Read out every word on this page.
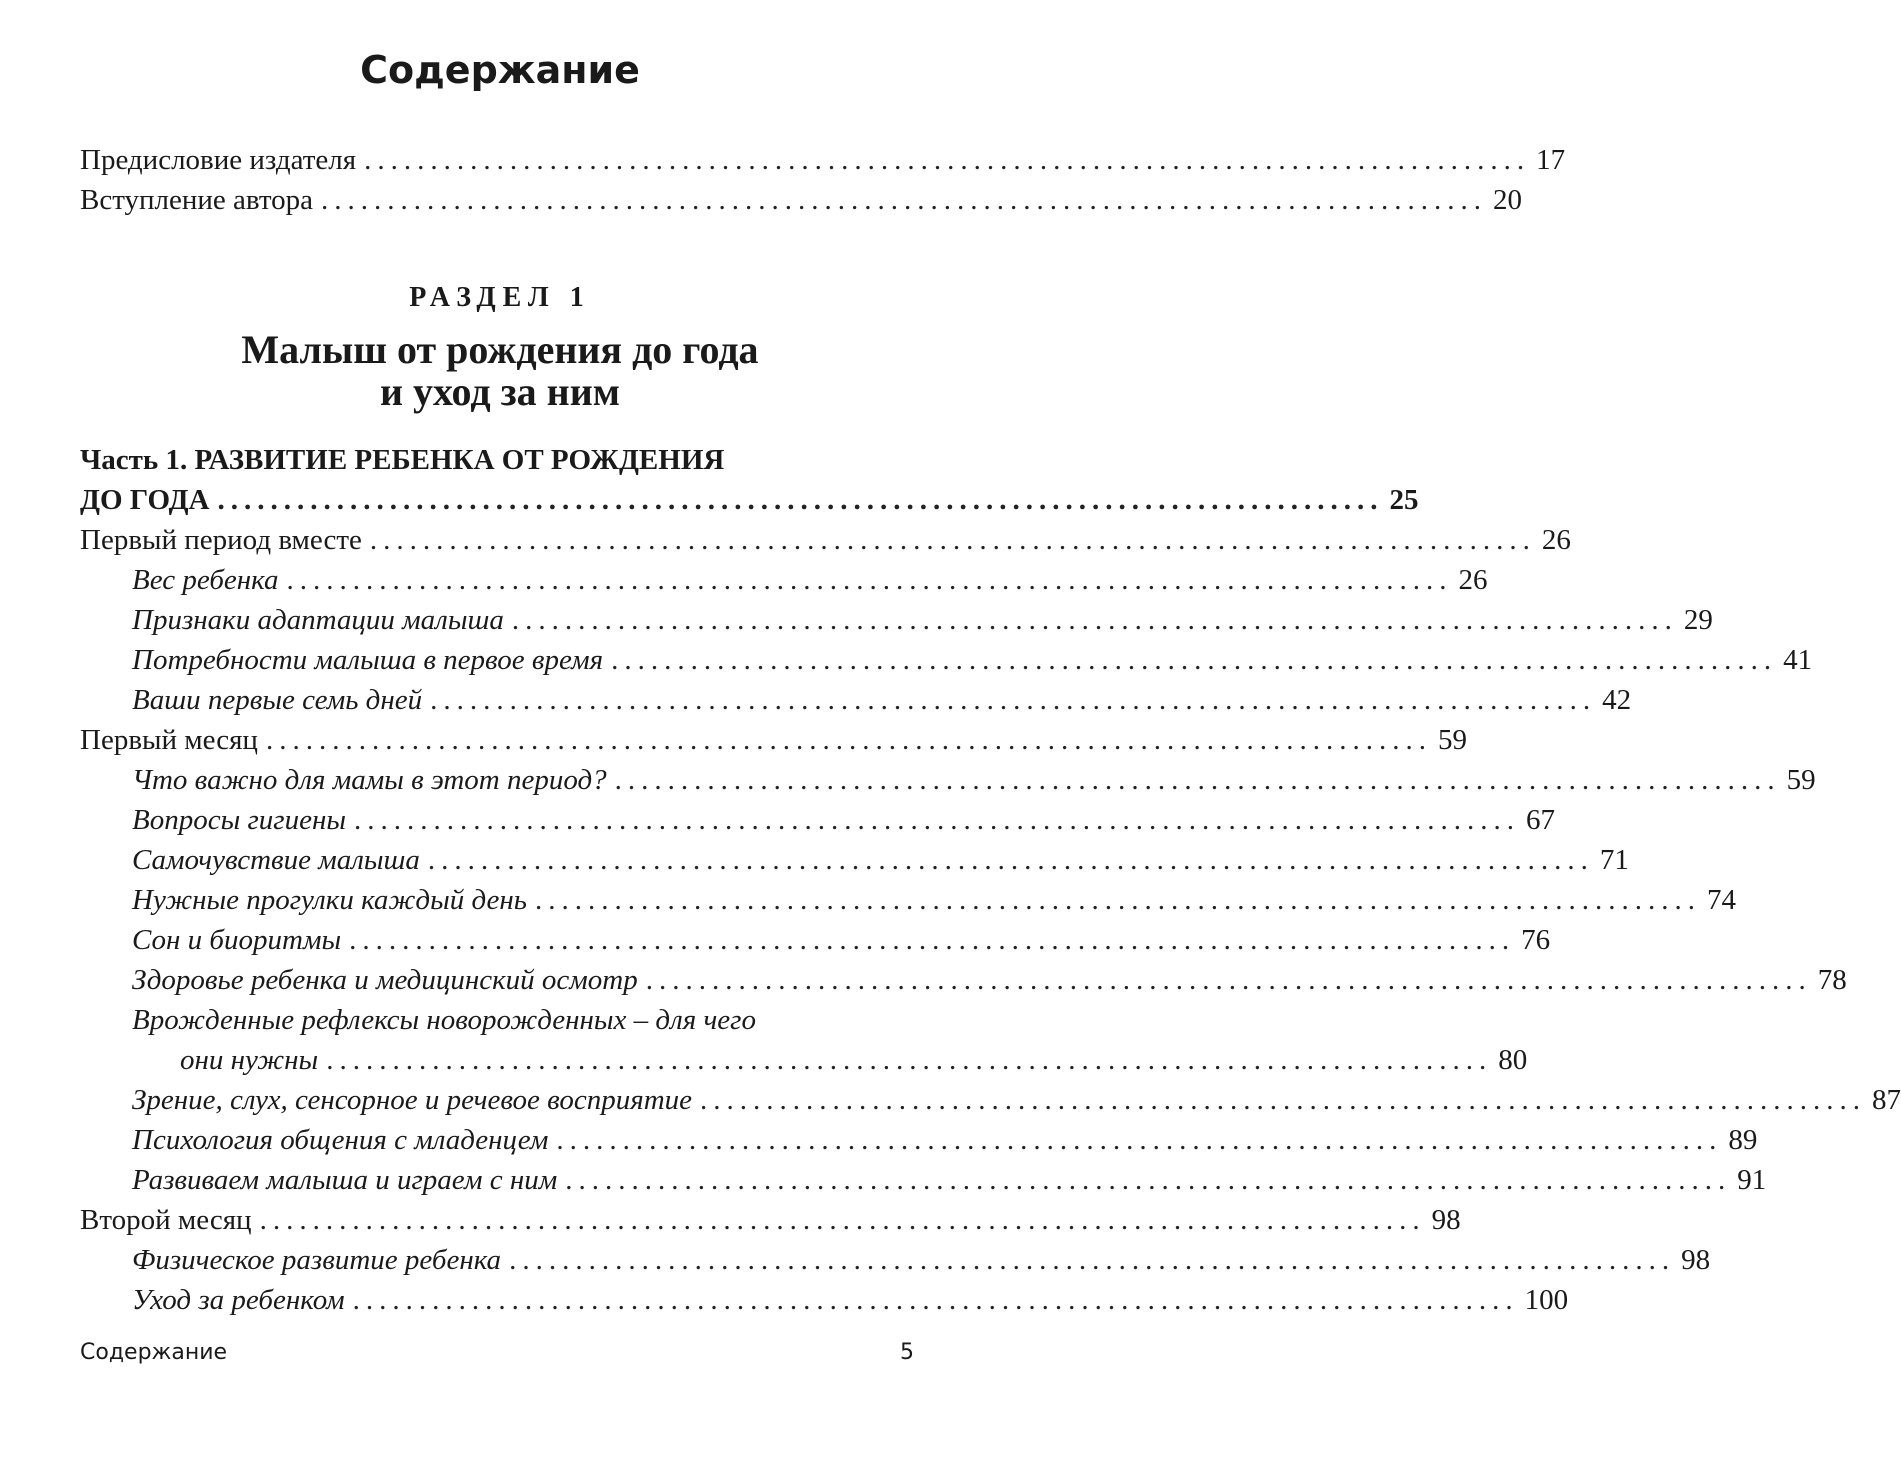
Содержание
Предисловие издателя ........................................................................................ 17
Вступление автора ........................................................................................ 20
РАЗДЕЛ 1
Малыш от рождения до года
и уход за ним
Часть 1. РАЗВИТИЕ РЕБЕНКА ОТ РОЖДЕНИЯ
ДО ГОДА ........................................................................................ 25
Первый период вместе ........................................................................................ 26
Вес ребенка ........................................................................................ 26
Признаки адаптации малыша ........................................................................................ 29
Потребности малыша в первое время ........................................................................................ 41
Ваши первые семь дней ........................................................................................ 42
Первый месяц ........................................................................................ 59
Что важно для мамы в этот период? ........................................................................................ 59
Вопросы гигиены ........................................................................................ 67
Самочувствие малыша ........................................................................................ 71
Нужные прогулки каждый день ........................................................................................ 74
Сон и биоритмы ........................................................................................ 76
Здоровье ребенка и медицинский осмотр ........................................................................................ 78
Врожденные рефлексы новорожденных – для чего
они нужны ........................................................................................ 80
Зрение, слух, сенсорное и речевое восприятие ........................................................................................ 87
Психология общения с младенцем ........................................................................................ 89
Развиваем малыша и играем с ним ........................................................................................ 91
Второй месяц ........................................................................................ 98
Физическое развитие ребенка ........................................................................................ 98
Уход за ребенком ........................................................................................ 100
Содержание	5
